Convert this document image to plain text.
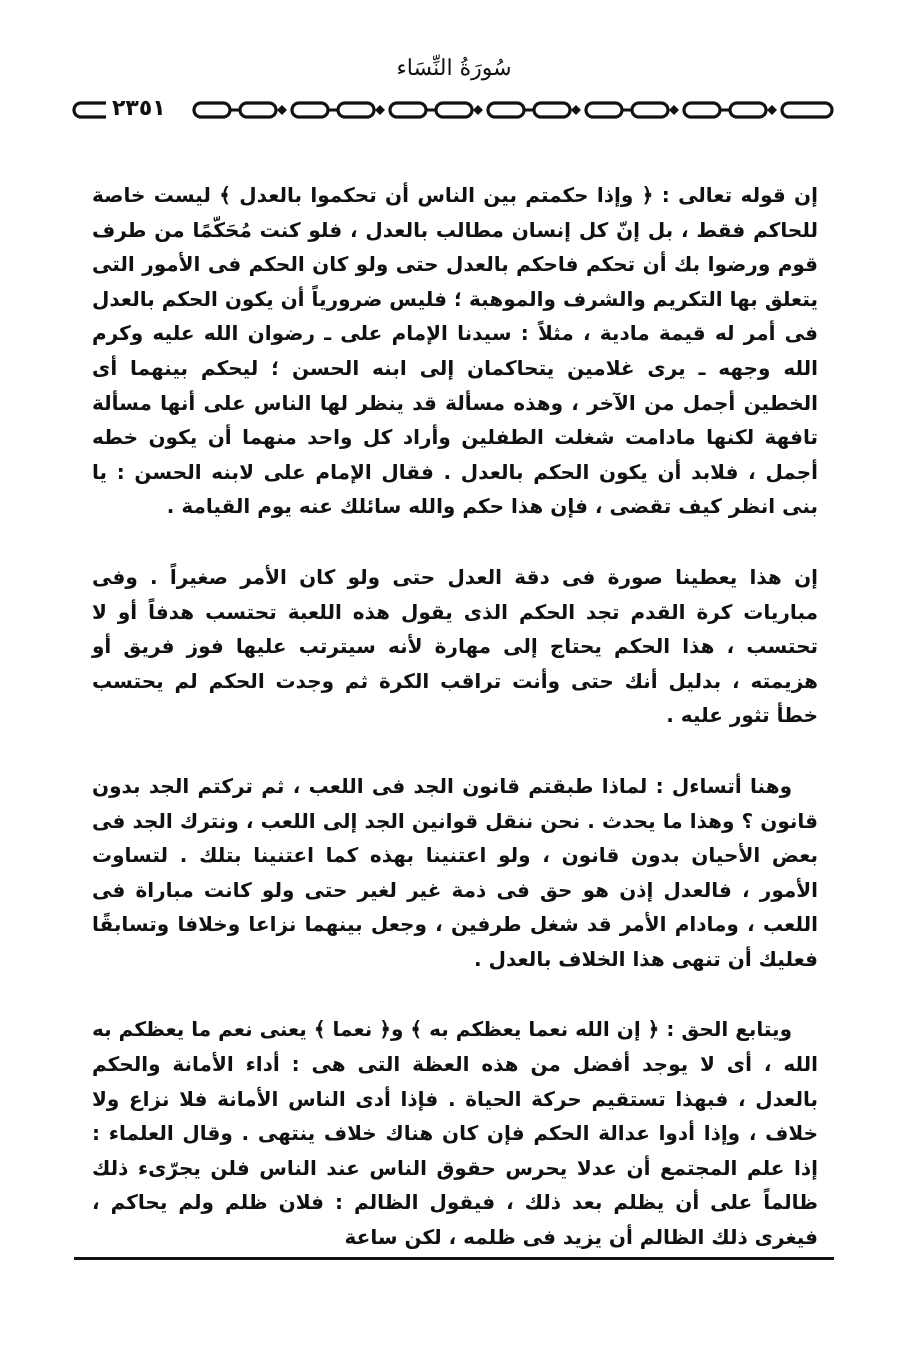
سُورَةُ النِّسَاء
٢٣٥١

إن قوله تعالى : ﴿ وإذا حكمتم بين الناس أن تحكموا بالعدل ﴾ ليست خاصة للحاكم فقط ، بل إنّ كل إنسان مطالب بالعدل ، فلو كنت مُحَكّمًا من طرف قوم ورضوا بك أن تحكم فاحكم بالعدل حتى ولو كان الحكم فى الأمور التى يتعلق بها التكريم والشرف والموهبة ؛ فليس ضرورياً أن يكون الحكم بالعدل فى أمر له قيمة مادية ، مثلاً : سيدنا الإمام على ـ رضوان الله عليه وكرم الله وجهه ـ يرى غلامين يتحاكمان إلى ابنه الحسن ؛ ليحكم بينهما أى الخطين أجمل من الآخر ، وهذه مسألة قد ينظر لها الناس على أنها مسألة تافهة لكنها مادامت شغلت الطفلين وأراد كل واحد منهما أن يكون خطه أجمل ، فلابد أن يكون الحكم بالعدل . فقال الإمام على لابنه الحسن : يا بنى انظر كيف تقضى ، فإن هذا حكم والله سائلك عنه يوم القيامة .

إن هذا يعطينا صورة فى دقة العدل حتى ولو كان الأمر صغيراً . وفى مباريات كرة القدم تجد الحكم الذى يقول هذه اللعبة تحتسب هدفاً أو لا تحتسب ، هذا الحكم يحتاج إلى مهارة لأنه سيترتب عليها فوز فريق أو هزيمته ، بدليل أنك حتى وأنت تراقب الكرة ثم وجدت الحكم لم يحتسب خطأ تثور عليه .

وهنا أتساءل : لماذا طبقتم قانون الجد فى اللعب ، ثم تركتم الجد بدون قانون ؟ وهذا ما يحدث . نحن ننقل قوانين الجد إلى اللعب ، ونترك الجد فى بعض الأحيان بدون قانون ، ولو اعتنينا بهذه كما اعتنينا بتلك . لتساوت الأمور ، فالعدل إذن هو حق فى ذمة غير لغير حتى ولو كانت مباراة فى اللعب ، ومادام الأمر قد شغل طرفين ، وجعل بينهما نزاعا وخلافا وتسابقًا فعليك أن تنهى هذا الخلاف بالعدل .

ويتابع الحق : ﴿ إن الله نعما يعظكم به ﴾ و﴿ نعما ﴾ يعنى نعم ما يعظكم به الله ، أى لا يوجد أفضل من هذه العظة التى هى : أداء الأمانة والحكم بالعدل ، فبهذا تستقيم حركة الحياة . فإذا أدى الناس الأمانة فلا نزاع ولا خلاف ، وإذا أدوا عدالة الحكم فإن كان هناك خلاف ينتهى . وقال العلماء : إذا علم المجتمع أن عدلا يحرس حقوق الناس عند الناس فلن يجرّىء ذلك ظالماً على أن يظلم بعد ذلك ، فيقول الظالم : فلان ظلم ولم يحاكم ، فيغرى ذلك الظالم أن يزيد فى ظلمه ، لكن ساعة
